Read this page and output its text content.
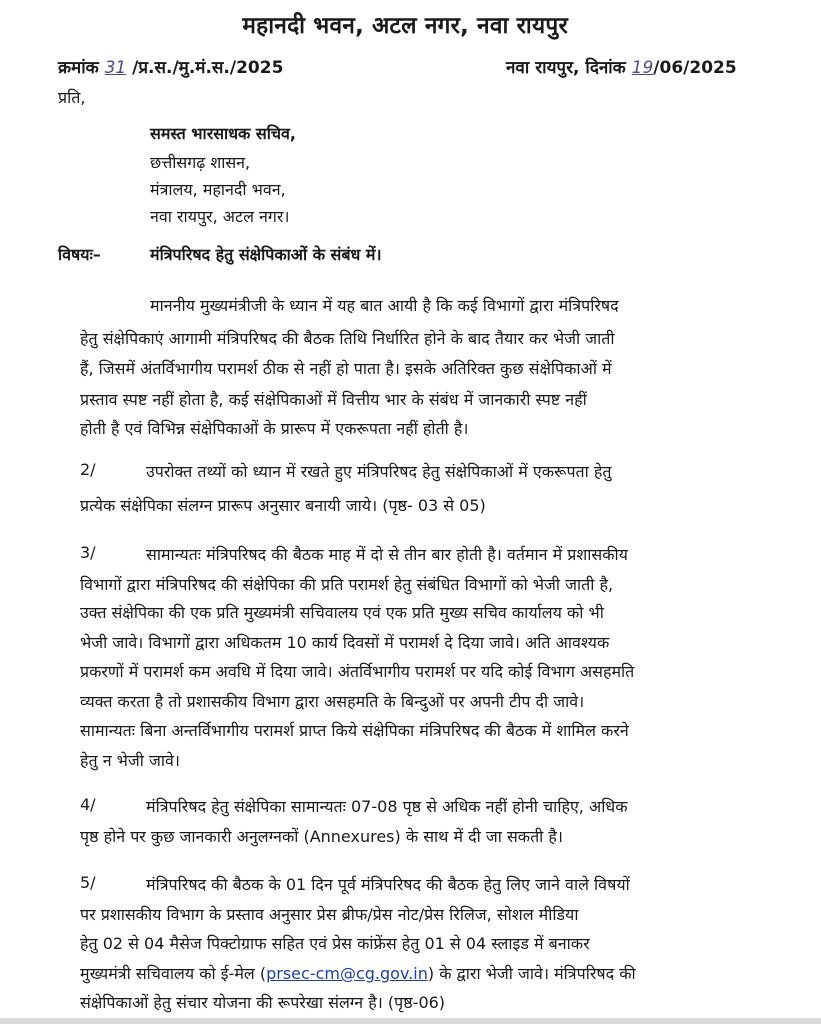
महानदी भवन, अटल नगर, नवा रायपुर
क्रमांक 31 /प्र.स./मु.मं.स./2025	नवा रायपुर, दिनांक 19/06/2025
प्रति,
समस्त भारसाधक सचिव,
छत्तीसगढ़ शासन,
मंत्रालय, महानदी भवन,
नवा रायपुर, अटल नगर।
विषयः–	मंत्रिपरिषद हेतु संक्षेपिकाओं के संबंध में।
माननीय मुख्यमंत्रीजी के ध्यान में यह बात आयी है कि कई विभागों द्वारा मंत्रिपरिषद
हेतु संक्षेपिकाएं आगामी मंत्रिपरिषद की बैठक तिथि निर्धारित होने के बाद तैयार कर भेजी जाती
हैं, जिसमें अंतर्विभागीय परामर्श ठीक से नहीं हो पाता है। इसके अतिरिक्त कुछ संक्षेपिकाओं में
प्रस्ताव स्पष्ट नहीं होता है, कई संक्षेपिकाओं में वित्तीय भार के संबंध में जानकारी स्पष्ट नहीं
होती है एवं विभिन्न संक्षेपिकाओं के प्रारूप में एकरूपता नहीं होती है।
2/	उपरोक्त तथ्यों को ध्यान में रखते हुए मंत्रिपरिषद हेतु संक्षेपिकाओं में एकरूपता हेतु
प्रत्येक संक्षेपिका संलग्न प्रारूप अनुसार बनायी जाये। (पृष्ठ- 03 से 05)
3/	सामान्यतः मंत्रिपरिषद की बैठक माह में दो से तीन बार होती है। वर्तमान में प्रशासकीय
विभागों द्वारा मंत्रिपरिषद की संक्षेपिका की प्रति परामर्श हेतु संबंधित विभागों को भेजी जाती है,
उक्त संक्षेपिका की एक प्रति मुख्यमंत्री सचिवालय एवं एक प्रति मुख्य सचिव कार्यालय को भी
भेजी जावे। विभागों द्वारा अधिकतम 10 कार्य दिवसों में परामर्श दे दिया जावे। अति आवश्यक
प्रकरणों में परामर्श कम अवधि में दिया जावे। अंतर्विभागीय परामर्श पर यदि कोई विभाग असहमति
व्यक्त करता है तो प्रशासकीय विभाग द्वारा असहमति के बिन्दुओं पर अपनी टीप दी जावे।
सामान्यतः बिना अन्तर्विभागीय परामर्श प्राप्त किये संक्षेपिका मंत्रिपरिषद की बैठक में शामिल करने
हेतु न भेजी जावे।
4/	मंत्रिपरिषद हेतु संक्षेपिका सामान्यतः 07-08 पृष्ठ से अधिक नहीं होनी चाहिए, अधिक
पृष्ठ होने पर कुछ जानकारी अनुलग्नकों (Annexures) के साथ में दी जा सकती है।
5/	मंत्रिपरिषद की बैठक के 01 दिन पूर्व मंत्रिपरिषद की बैठक हेतु लिए जाने वाले विषयों
पर प्रशासकीय विभाग के प्रस्ताव अनुसार प्रेस ब्रीफ/प्रेस नोट/प्रेस रिलिज, सोशल मीडिया
हेतु 02 से 04 मैसेज पिक्टोग्राफ सहित एवं प्रेस कांफ्रेंस हेतु 01 से 04 स्लाइड में बनाकर
मुख्यमंत्री सचिवालय को ई-मेल (prsec-cm@cg.gov.in) के द्वारा भेजी जावे। मंत्रिपरिषद की
संक्षेपिकाओं हेतु संचार योजना की रूपरेखा संलग्न है। (पृष्ठ-06)
